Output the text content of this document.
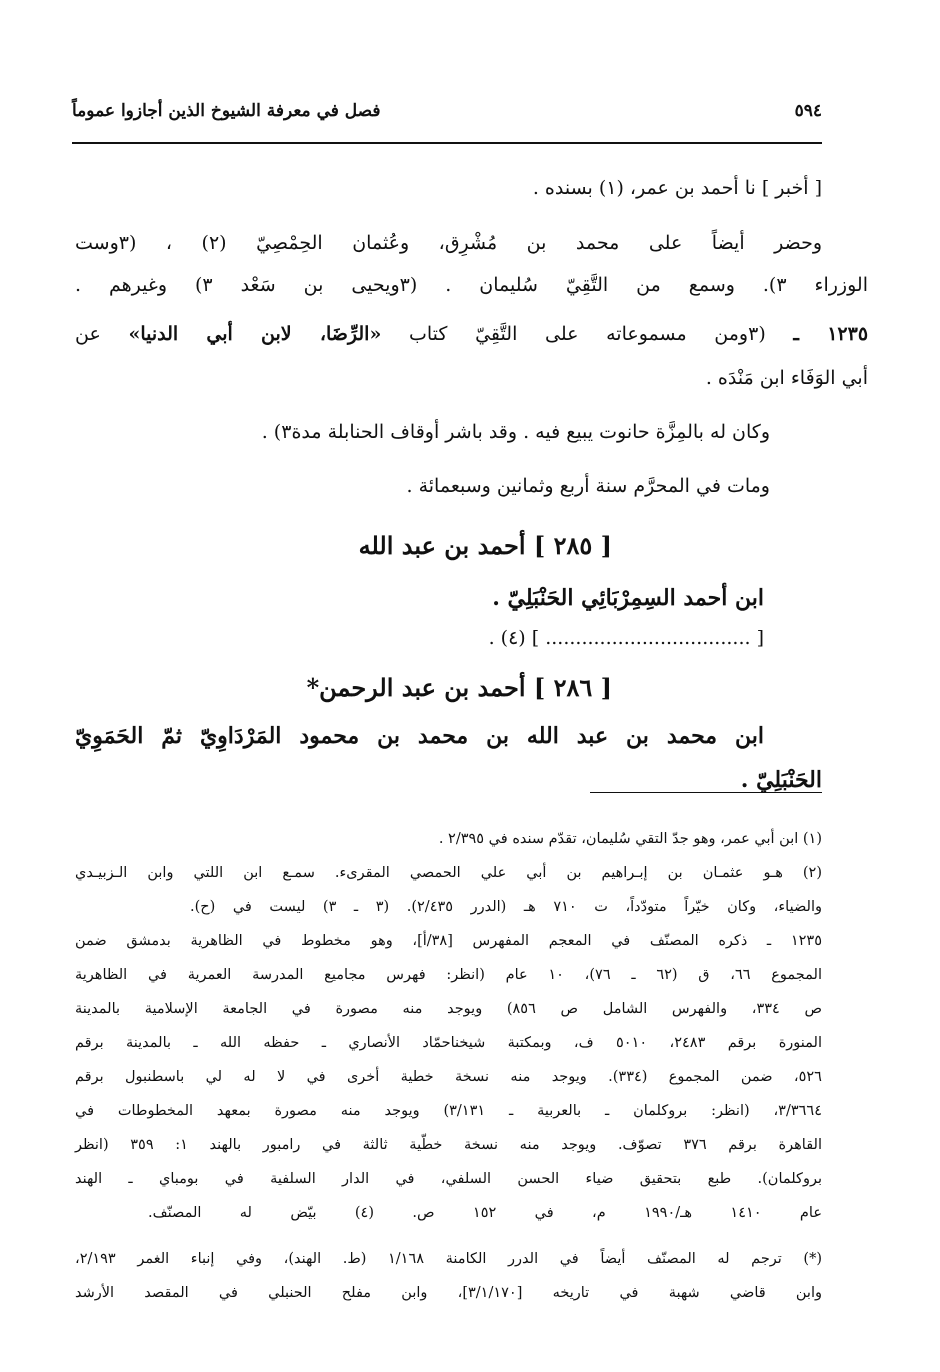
٥٩٤
فصل في معرفة الشيوخ الذين أجازوا عموماً
[ أخبر ] نا أحمد بن عمر، (١) بسنده .
وحضر أيضاً على محمد بن مُشْرِق، وعُثمان الحِمْصِيّ (٢) ، (٣وست
الوزراء ٣). وسمع من التَّقِيّ سُليمان . (٣ويحيى بن سَعْد ٣) وغيرهم .
١٢٣٥ ـ (٣ومن مسموعاته على التَّقِيّ كتاب «الرِّضَا، لابن أبي الدنيا» عن
أبي الوَفَاء ابن مَنْدَه .
وكان له بالمِزَّة حانوت يبيع فيه . وقد باشر أوقاف الحنابلة مدة٣) .
ومات في المحرَّم سنة أربع وثمانين وسبعمائة .
[ ٢٨٥ ] أحمد بن عبد الله
ابن أحمد السِمِرْبَائِي الحَنْبَلِيّ .
[ .................................. ] (٤) .
[ ٢٨٦ ] أحمد بن عبد الرحمن*
ابن محمد بن عبد الله بن محمد بن محمود المَرْدَاوِيّ ثمّ الحَمَوِيّ
الحَنْبَلِيّ .
(١) ابن أبي عمر، وهو جدّ التقي سُليمان، تقدّم سنده في ٢/٣٩٥ .
(٢) هـو عثمـان بن إبـراهيم بن أبي علي الحمصي المقرىء. سمـع ابن اللتي وابن الـزبيـدي
والضياء، وكان خيّراً متودّداً، ت ٧١٠ هـ (الدرر ٢/٤٣٥). (٣ ـ ٣) ليست في (ح).
١٢٣٥ ـ ذكره المصنّف في المعجم المفهرس [٣٨/أ]، وهو مخطوط في الظاهرية بدمشق ضمن
المجموع ٦٦، ق (٦٢ ـ ٧٦)، ١٠ عام (انظر: فهرس مجاميع المدرسة العمرية في الظاهرية
ص ٣٣٤، والفهرس الشامل ص ٨٥٦) ويوجد منه مصورة في الجامعة الإسلامية بالمدينة
المنورة برقم ٢٤٨٣، ٥٠١٠ ف، وبمكتبة شيخناحمّاد الأنصاري ـ حفظه الله ـ بالمدينة برقم
٥٢٦، ضمن المجموع (٣٣٤). ويوجد منه نسخة خطية أخرى في لا له لي باسطنبول برقم
٣/٣٦٦٤، (انظر: بروكلمان ـ بالعربية ـ ٣/١٣١) ويوجد منه مصورة بمعهد المخطوطات في
القاهرة برقم ٣٧٦ تصوّف. ويوجد منه نسخة خطّية ثالثة في رامبور بالهند ١: ٣٥٩ (انظر
بروكلمان). طبع بتحقيق ضياء الحسن السلفي، في الدار السلفية في بومباي ـ الهند
عام ١٤١٠ هـ/١٩٩٠ م، في ١٥٢ ص. (٤) بيّض له المصنّف.
(*) ترجم له المصنّف أيضاً في الدرر الكامنة ١/١٦٨ (ط. الهند)، وفي إنباء الغمر ٢/١٩٣،
وابن قاضي شهبة في تاريخه [٣/١/١٧٠]، وابن مفلح الحنبلي في المقصد الأرشد
